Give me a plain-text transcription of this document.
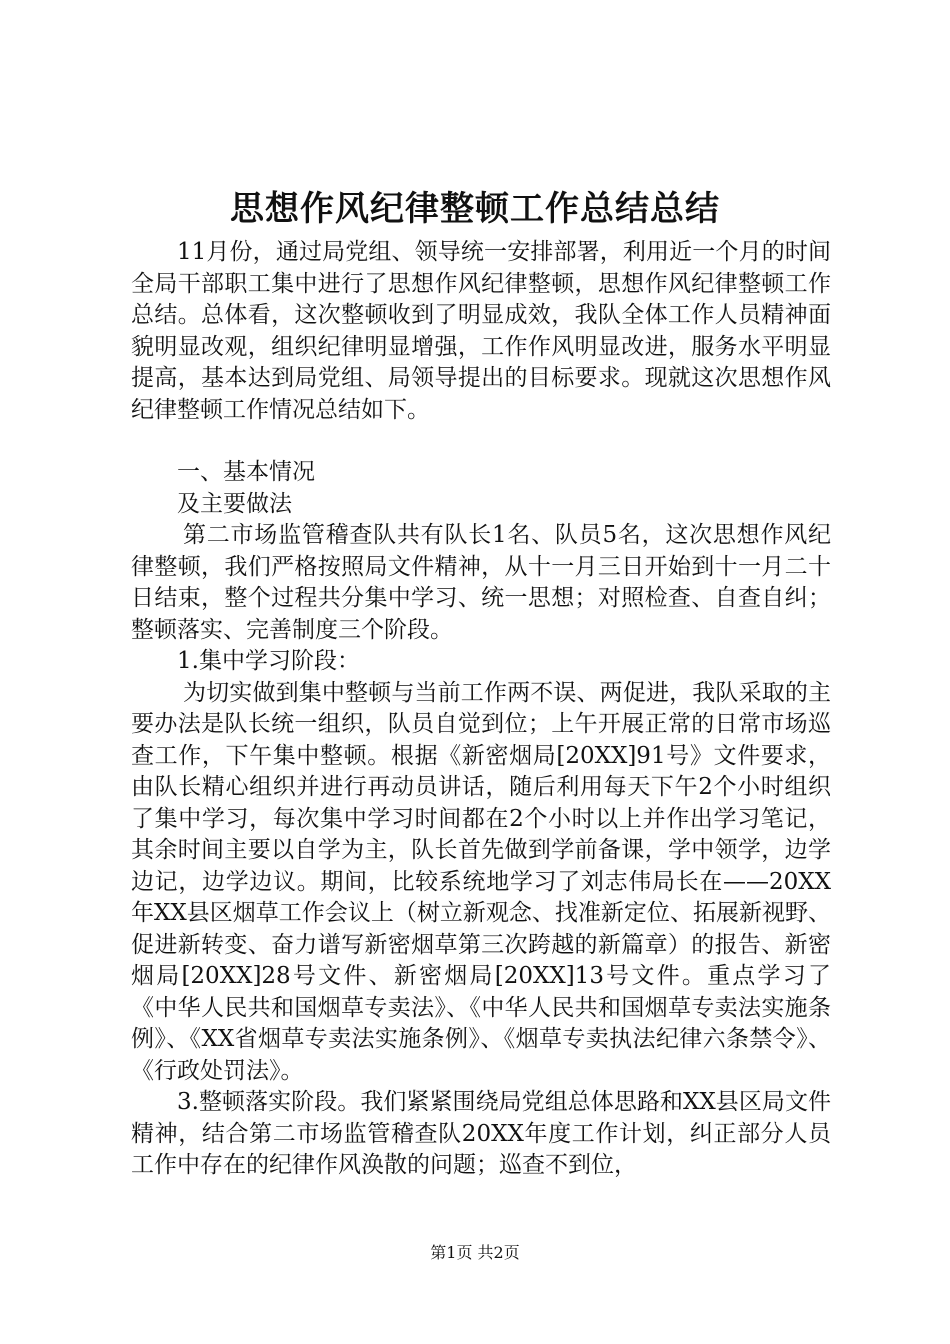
思想作风纪律整顿工作总结总结

11月份，通过局党组、领导统一安排部署，利用近一个月的时间全局干部职工集中进行了思想作风纪律整顿，思想作风纪律整顿工作总结。总体看，这次整顿收到了明显成效，我队全体工作人员精神面貌明显改观，组织纪律明显增强，工作作风明显改进，服务水平明显提高，基本达到局党组、局领导提出的目标要求。现就这次思想作风纪律整顿工作情况总结如下。

一、基本情况

及主要做法

第二市场监管稽查队共有队长1名、队员5名，这次思想作风纪律整顿，我们严格按照局文件精神，从十一月三日开始到十一月二十日结束，整个过程共分集中学习、统一思想；对照检查、自查自纠；整顿落实、完善制度三个阶段。

1.集中学习阶段：

为切实做到集中整顿与当前工作两不误、两促进，我队采取的主要办法是队长统一组织，队员自觉到位；上午开展正常的日常市场巡查工作，下午集中整顿。根据《新密烟局[20XX]91号》文件要求，由队长精心组织并进行再动员讲话，随后利用每天下午2个小时组织了集中学习，每次集中学习时间都在2个小时以上并作出学习笔记，其余时间主要以自学为主，队长首先做到学前备课，学中领学，边学边记，边学边议。期间，比较系统地学习了刘志伟局长在——20XX年XX县区烟草工作会议上（树立新观念、找准新定位、拓展新视野、促进新转变、奋力谱写新密烟草第三次跨越的新篇章）的报告、新密烟局[20XX]28号文件、新密烟局[20XX]13号文件。重点学习了《中华人民共和国烟草专卖法》、《中华人民共和国烟草专卖法实施条例》、《XX省烟草专卖法实施条例》、《烟草专卖执法纪律六条禁令》、《行政处罚法》。

3.整顿落实阶段。我们紧紧围绕局党组总体思路和XX县区局文件精神，结合第二市场监管稽查队20XX年度工作计划，纠正部分人员工作中存在的纪律作风涣散的问题；巡查不到位，

第1页 共2页
